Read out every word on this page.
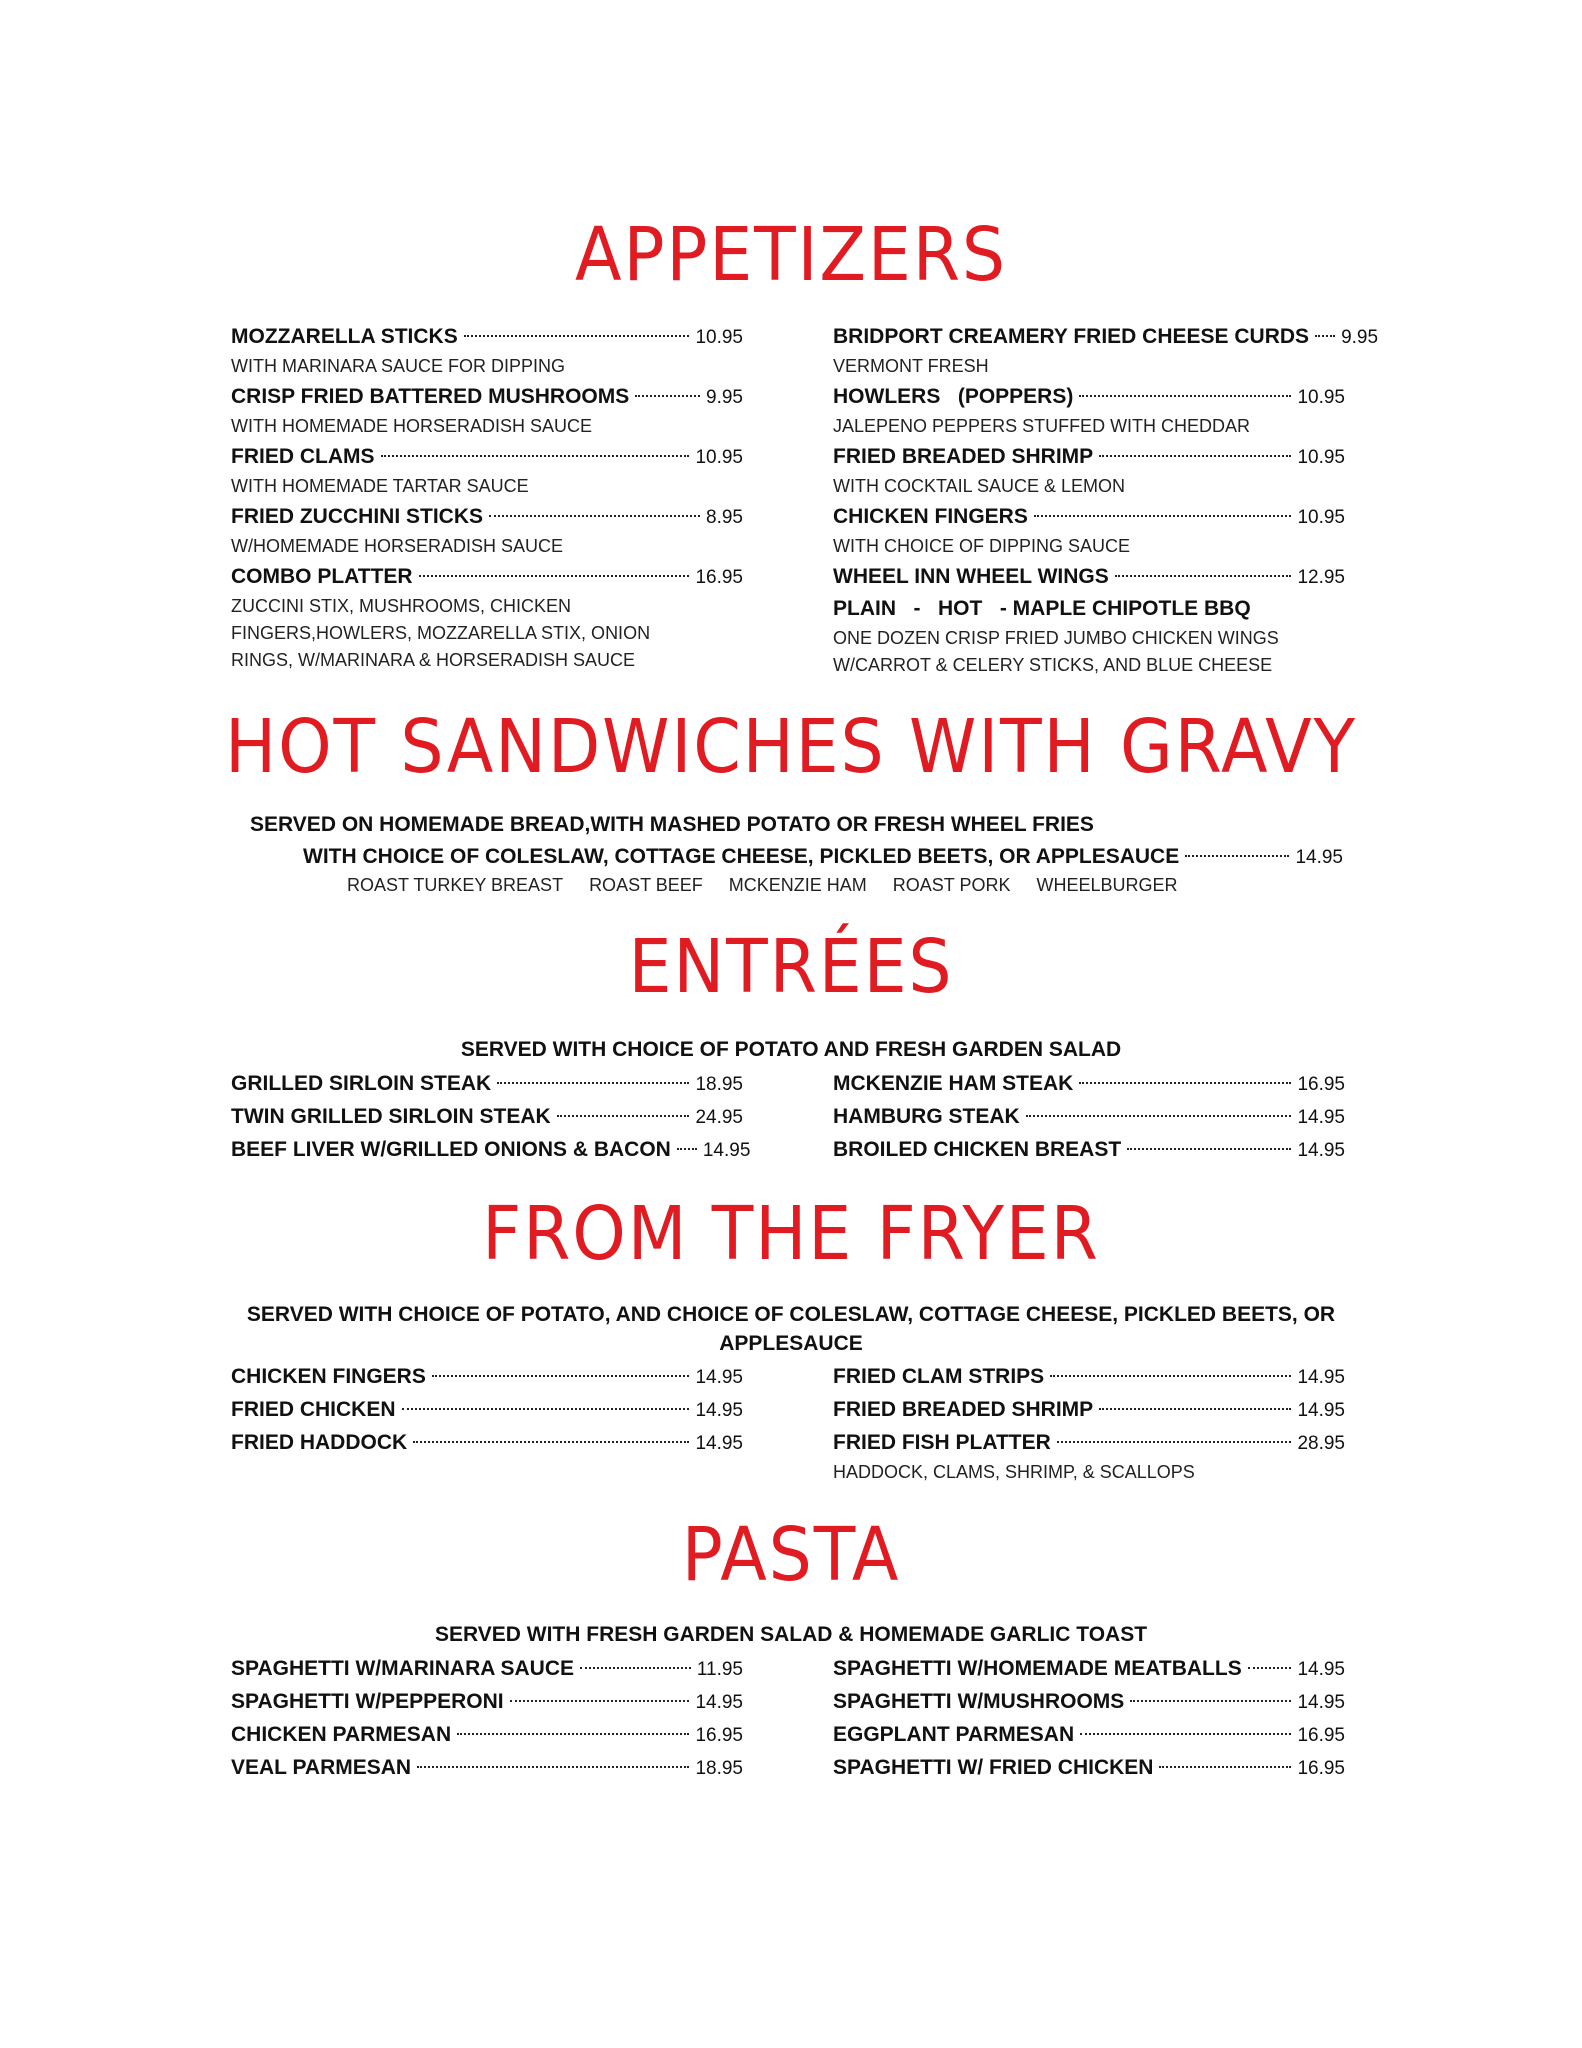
APPETIZERS
MOZZARELLA STICKS	10.95
WITH MARINARA SAUCE FOR DIPPING
CRISP FRIED BATTERED MUSHROOMS	9.95
WITH HOMEMADE HORSERADISH SAUCE
FRIED CLAMS	10.95
WITH HOMEMADE TARTAR SAUCE
FRIED ZUCCHINI STICKS	8.95
W/HOMEMADE HORSERADISH SAUCE
COMBO PLATTER	16.95
ZUCCINI STIX, MUSHROOMS, CHICKEN
FINGERS,HOWLERS, MOZZARELLA STIX, ONION
RINGS, W/MARINARA & HORSERADISH SAUCE
BRIDPORT CREAMERY FRIED CHEESE CURDS 9.95
VERMONT FRESH
HOWLERS   (POPPERS)	10.95
JALEPENO PEPPERS STUFFED WITH CHEDDAR
FRIED BREADED SHRIMP	10.95
WITH COCKTAIL SAUCE & LEMON
CHICKEN FINGERS	10.95
WITH CHOICE OF DIPPING SAUCE
WHEEL INN WHEEL WINGS	12.95
PLAIN   -   HOT   - MAPLE CHIPOTLE BBQ
ONE DOZEN CRISP FRIED JUMBO CHICKEN WINGS
W/CARROT & CELERY STICKS, AND BLUE CHEESE
HOT SANDWICHES WITH GRAVY
SERVED ON HOMEMADE BREAD,WITH MASHED POTATO OR FRESH WHEEL FRIES
WITH CHOICE OF COLESLAW, COTTAGE CHEESE, PICKLED BEETS, OR APPLESAUCE	14.95
ROAST TURKEY BREAST ROAST BEEF MCKENZIE HAM ROAST PORK WHEELBURGER
ENTRÉES
SERVED WITH CHOICE OF POTATO AND FRESH GARDEN SALAD
GRILLED SIRLOIN STEAK	18.95
TWIN GRILLED SIRLOIN STEAK	24.95
BEEF LIVER W/GRILLED ONIONS & BACON 14.95
MCKENZIE HAM STEAK	16.95
HAMBURG STEAK	14.95
BROILED CHICKEN BREAST	14.95
FROM THE FRYER
SERVED WITH CHOICE OF POTATO, AND CHOICE OF COLESLAW, COTTAGE CHEESE, PICKLED BEETS, OR
APPLESAUCE
CHICKEN FINGERS	14.95
FRIED CHICKEN	14.95
FRIED HADDOCK	14.95
FRIED CLAM STRIPS	14.95
FRIED BREADED SHRIMP	14.95
FRIED FISH PLATTER	28.95
HADDOCK, CLAMS, SHRIMP, & SCALLOPS
PASTA
SERVED WITH FRESH GARDEN SALAD & HOMEMADE GARLIC TOAST
SPAGHETTI W/MARINARA SAUCE	11.95
SPAGHETTI W/PEPPERONI	14.95
CHICKEN PARMESAN	16.95
VEAL PARMESAN	18.95
SPAGHETTI W/HOMEMADE MEATBALLS	14.95
SPAGHETTI W/MUSHROOMS	14.95
EGGPLANT PARMESAN	16.95
SPAGHETTI W/ FRIED CHICKEN	16.95
